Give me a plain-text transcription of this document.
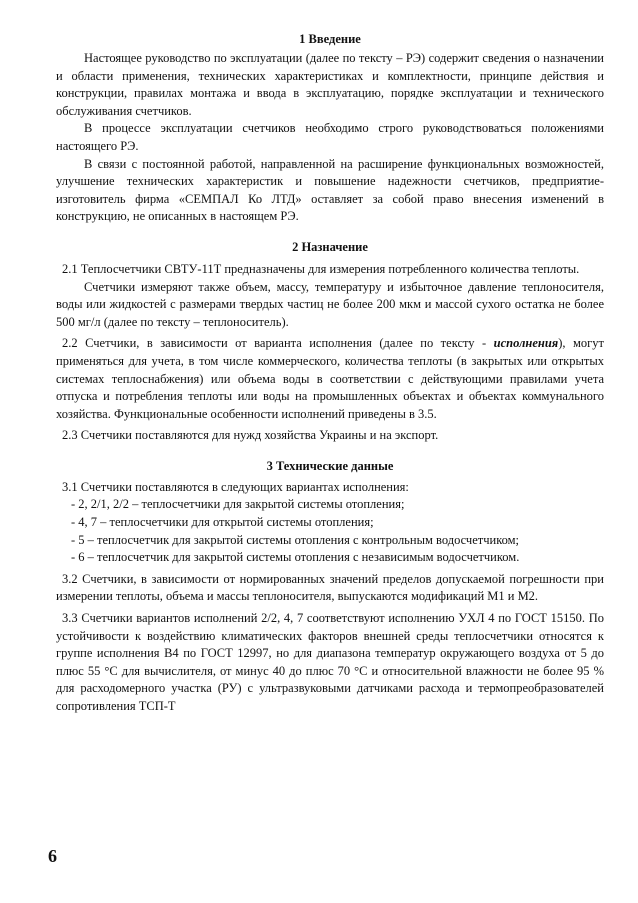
1 Введение

Настоящее руководство по эксплуатации (далее по тексту – РЭ) содержит сведения о назначении и области применения, технических характеристиках и комплектности, принципе действия и конструкции, правилах монтажа и ввода в эксплуатацию, порядке эксплуатации и технического обслуживания счетчиков.

В процессе эксплуатации счетчиков необходимо строго руководствоваться положениями настоящего РЭ.

В связи с постоянной работой, направленной на расширение функциональных возможностей, улучшение технических характеристик и повышение надежности счетчиков, предприятие-изготовитель фирма «СЕМПАЛ Ко ЛТД» оставляет за собой право внесения изменений в конструкцию, не описанных в настоящем РЭ.

2 Назначение

2.1 Теплосчетчики СВТУ-11Т предназначены для измерения потребленного количества теплоты.

Счетчики измеряют также объем, массу, температуру и избыточное давление теплоносителя, воды или жидкостей с размерами твердых частиц не более 200 мкм и массой сухого остатка не более 500 мг/л (далее по тексту – теплоноситель).

2.2 Счетчики, в зависимости от варианта исполнения (далее по тексту - исполнения), могут применяться для учета, в том числе коммерческого, количества теплоты (в закрытых или открытых системах теплоснабжения) или объема воды в соответствии с действующими правилами учета отпуска и потребления теплоты или воды на промышленных объектах и объектах коммунального хозяйства. Функциональные особенности исполнений приведены в 3.5.

2.3 Счетчики поставляются для нужд хозяйства Украины и на экспорт.

3 Технические данные

3.1 Счетчики поставляются в следующих вариантах исполнения:

- 2, 2/1, 2/2 – теплосчетчики для закрытой системы отопления;

- 4, 7 – теплосчетчики для открытой системы отопления;

- 5 – теплосчетчик для закрытой системы отопления с контрольным водосчетчиком;

- 6 – теплосчетчик для закрытой системы отопления с независимым водосчетчиком.

3.2 Счетчики, в зависимости от нормированных значений пределов допускаемой погрешности при измерении теплоты, объема и массы теплоносителя, выпускаются модификаций М1 и М2.

3.3 Счетчики вариантов исполнений 2/2, 4, 7 соответствуют исполнению УХЛ 4 по ГОСТ 15150. По устойчивости к воздействию климатических факторов внешней среды теплосчетчики относятся к группе исполнения В4 по ГОСТ 12997, но для диапазона температур окружающего воздуха от 5 до плюс 55 °С для вычислителя, от минус 40 до плюс 70 °С и относительной влажности не более 95 % для расходомерного участка (РУ) с ультразвуковыми датчиками расхода и термопреобразователей сопротивления ТСП-Т

6
